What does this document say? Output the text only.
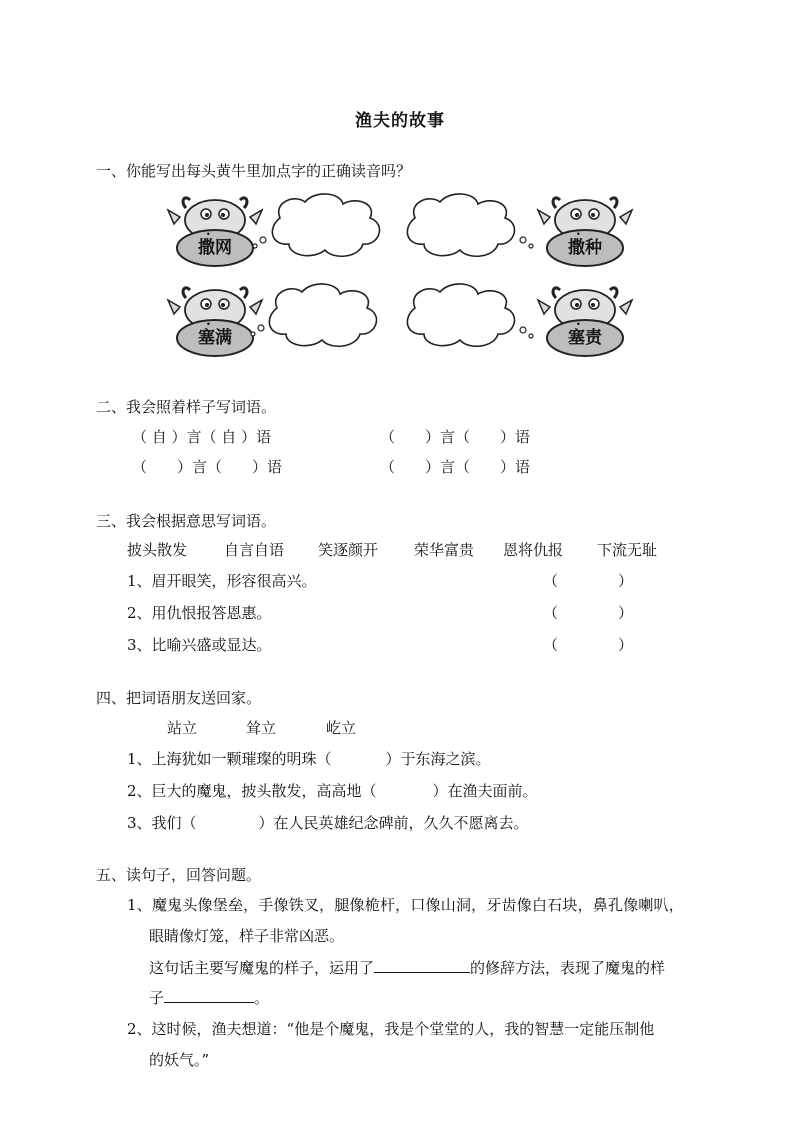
渔夫的故事
一、你能写出每头黄牛里加点字的正确读音吗？
撒网
•
撒种
•
塞满
•
塞责
•
二、我会照着样子写词语。
（ 自 ）言（ 自 ）语	（　　）言（　　）语
（　　）言（　　）语	（　　）言（　　）语
三、我会根据意思写词语。
披头散发 自言自语 笑逐颜开 荣华富贵 恩将仇报 下流无耻
1、眉开眼笑，形容很高兴。	（　　　　）
2、用仇恨报答恩惠。	（　　　　）
3、比喻兴盛或显达。	（　　　　）
四、把词语朋友送回家。
站立	耸立	屹立
1、上海犹如一颗璀璨的明珠（	）于东海之滨。
2、巨大的魔鬼，披头散发，高高地（	）在渔夫面前。
3、我们（	）在人民英雄纪念碑前，久久不愿离去。
五、读句子，回答问题。
1、魔鬼头像堡垒，手像铁叉，腿像桅杆，口像山洞，牙齿像白石块，鼻孔像喇叭，
眼睛像灯笼，样子非常凶恶。
这句话主要写魔鬼的样子，运用了	的修辞方法，表现了魔鬼的样
子	。
2、这时候，渔夫想道：“他是个魔鬼，我是个堂堂的人，我的智慧一定能压制他
的妖气。”
